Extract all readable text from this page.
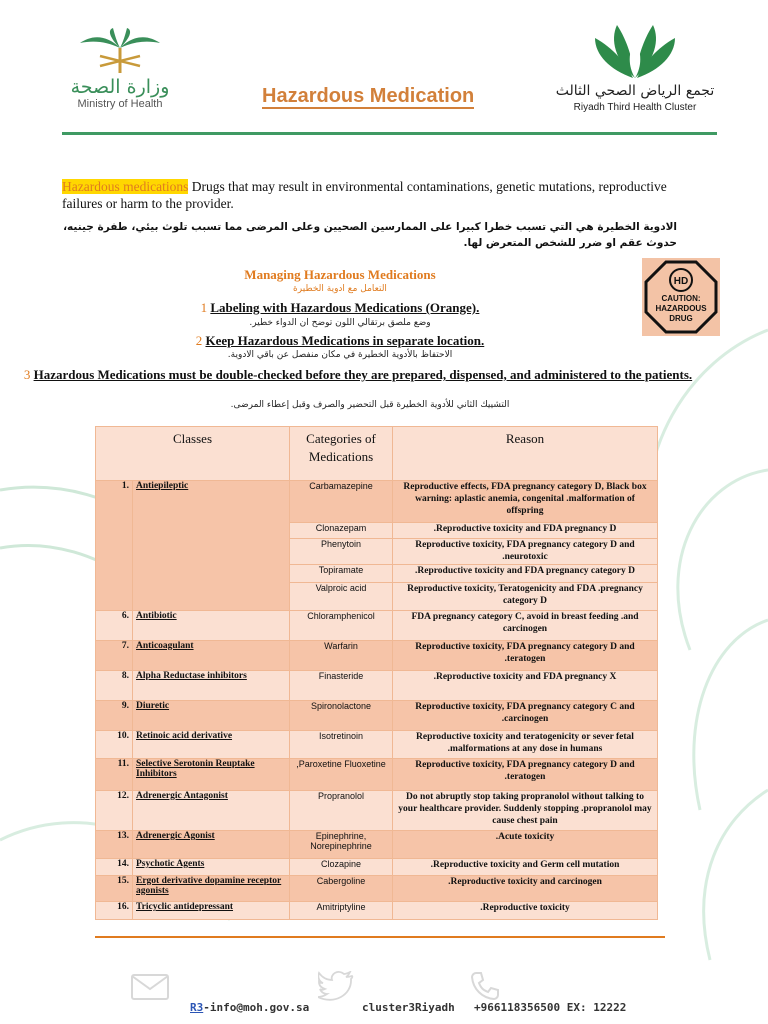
وزارة الصحة
Ministry of Health	Hazardous Medication	تجمع الرياض الصحي الثالث
Riyadh Third Health Cluster
Hazardous medications Drugs that may result in environmental contaminations, genetic mutations, reproductive failures or harm to the provider.
الادوية الخطيرة هي التي تسبب خطرا كبيرا على الممارسين الصحيين وعلى المرضى مما تسبب تلوث بيئي، طفرة جينيه، حدوث عقم او ضرر للشخص المتعرض لها.
Managing Hazardous Medications
التعامل مع ادوية الخطيرة
1 Labeling with Hazardous Medications (Orange).
وضع ملصق برتقالي اللون توضح ان الدواء خطير.
2 Keep Hazardous Medications in separate location.
الاحتفاظ بالأدوية الخطيرة في مكان منفصل عن باقي الادوية.
3 Hazardous Medications must be double-checked before they are prepared, dispensed, and administered to the patients.
التشييك الثاني للأدوية الخطيرة قبل التحضير والصرف وقبل إعطاء المرضى.
HD
CAUTION:
HAZARDOUS
DRUG
Classes		Categories of Medications	Reason
1.	Antiepileptic	Carbamazepine	Reproductive effects, FDA pregnancy category D, Black box warning: aplastic anemia, congenital .malformation of offspring
		Clonazepam	.Reproductive toxicity and FDA pregnancy D
		Phenytoin	Reproductive toxicity, FDA pregnancy category D and .neurotoxic
		Topiramate	.Reproductive toxicity and FDA pregnancy category D
		Valproic acid	Reproductive toxicity, Teratogenicity and FDA .pregnancy category D
6.	Antibiotic	Chloramphenicol	FDA pregnancy category C, avoid in breast feeding .and carcinogen
7.	Anticoagulant	Warfarin	Reproductive toxicity, FDA pregnancy category D and .teratogen
8.	Alpha Reductase inhibitors	Finasteride	.Reproductive toxicity and FDA pregnancy X
9.	Diuretic	Spironolactone	Reproductive toxicity, FDA pregnancy category C and .carcinogen
10.	Retinoic acid derivative	Isotretinoin	Reproductive toxicity and teratogenicity or sever fetal .malformations at any dose in humans
11.	Selective Serotonin Reuptake Inhibitors	,Paroxetine Fluoxetine	Reproductive toxicity, FDA pregnancy category D and .teratogen
12.	Adrenergic Antagonist	Propranolol	Do not abruptly stop taking propranolol without talking to your healthcare provider. Suddenly stopping .propranolol may cause chest pain
13.	Adrenergic Agonist	Epinephrine, Norepinephrine	.Acute toxicity
14.	Psychotic Agents	Clozapine	.Reproductive toxicity and Germ cell mutation
15.	Ergot derivative dopamine receptor agonists	Cabergoline	.Reproductive toxicity and carcinogen
16.	Tricyclic antidepressant	Amitriptyline	.Reproductive toxicity
R3-info@moh.gov.sa	cluster3Riyadh +966118356500 EX: 12222
